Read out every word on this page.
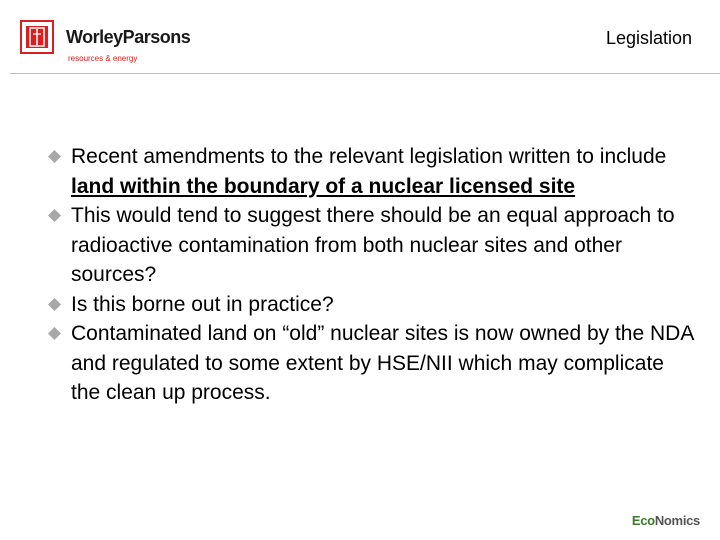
WorleyParsons
resources & energy
Legislation
Recent amendments to the relevant legislation written to include land within the boundary of a nuclear licensed site
This would tend to suggest there should be an equal approach to radioactive contamination from both nuclear sites and other sources?
Is this borne out in practice?
Contaminated land on “old” nuclear sites is now owned by the NDA and regulated to some extent by HSE/NII which may complicate the clean up process.
EcoNomics
